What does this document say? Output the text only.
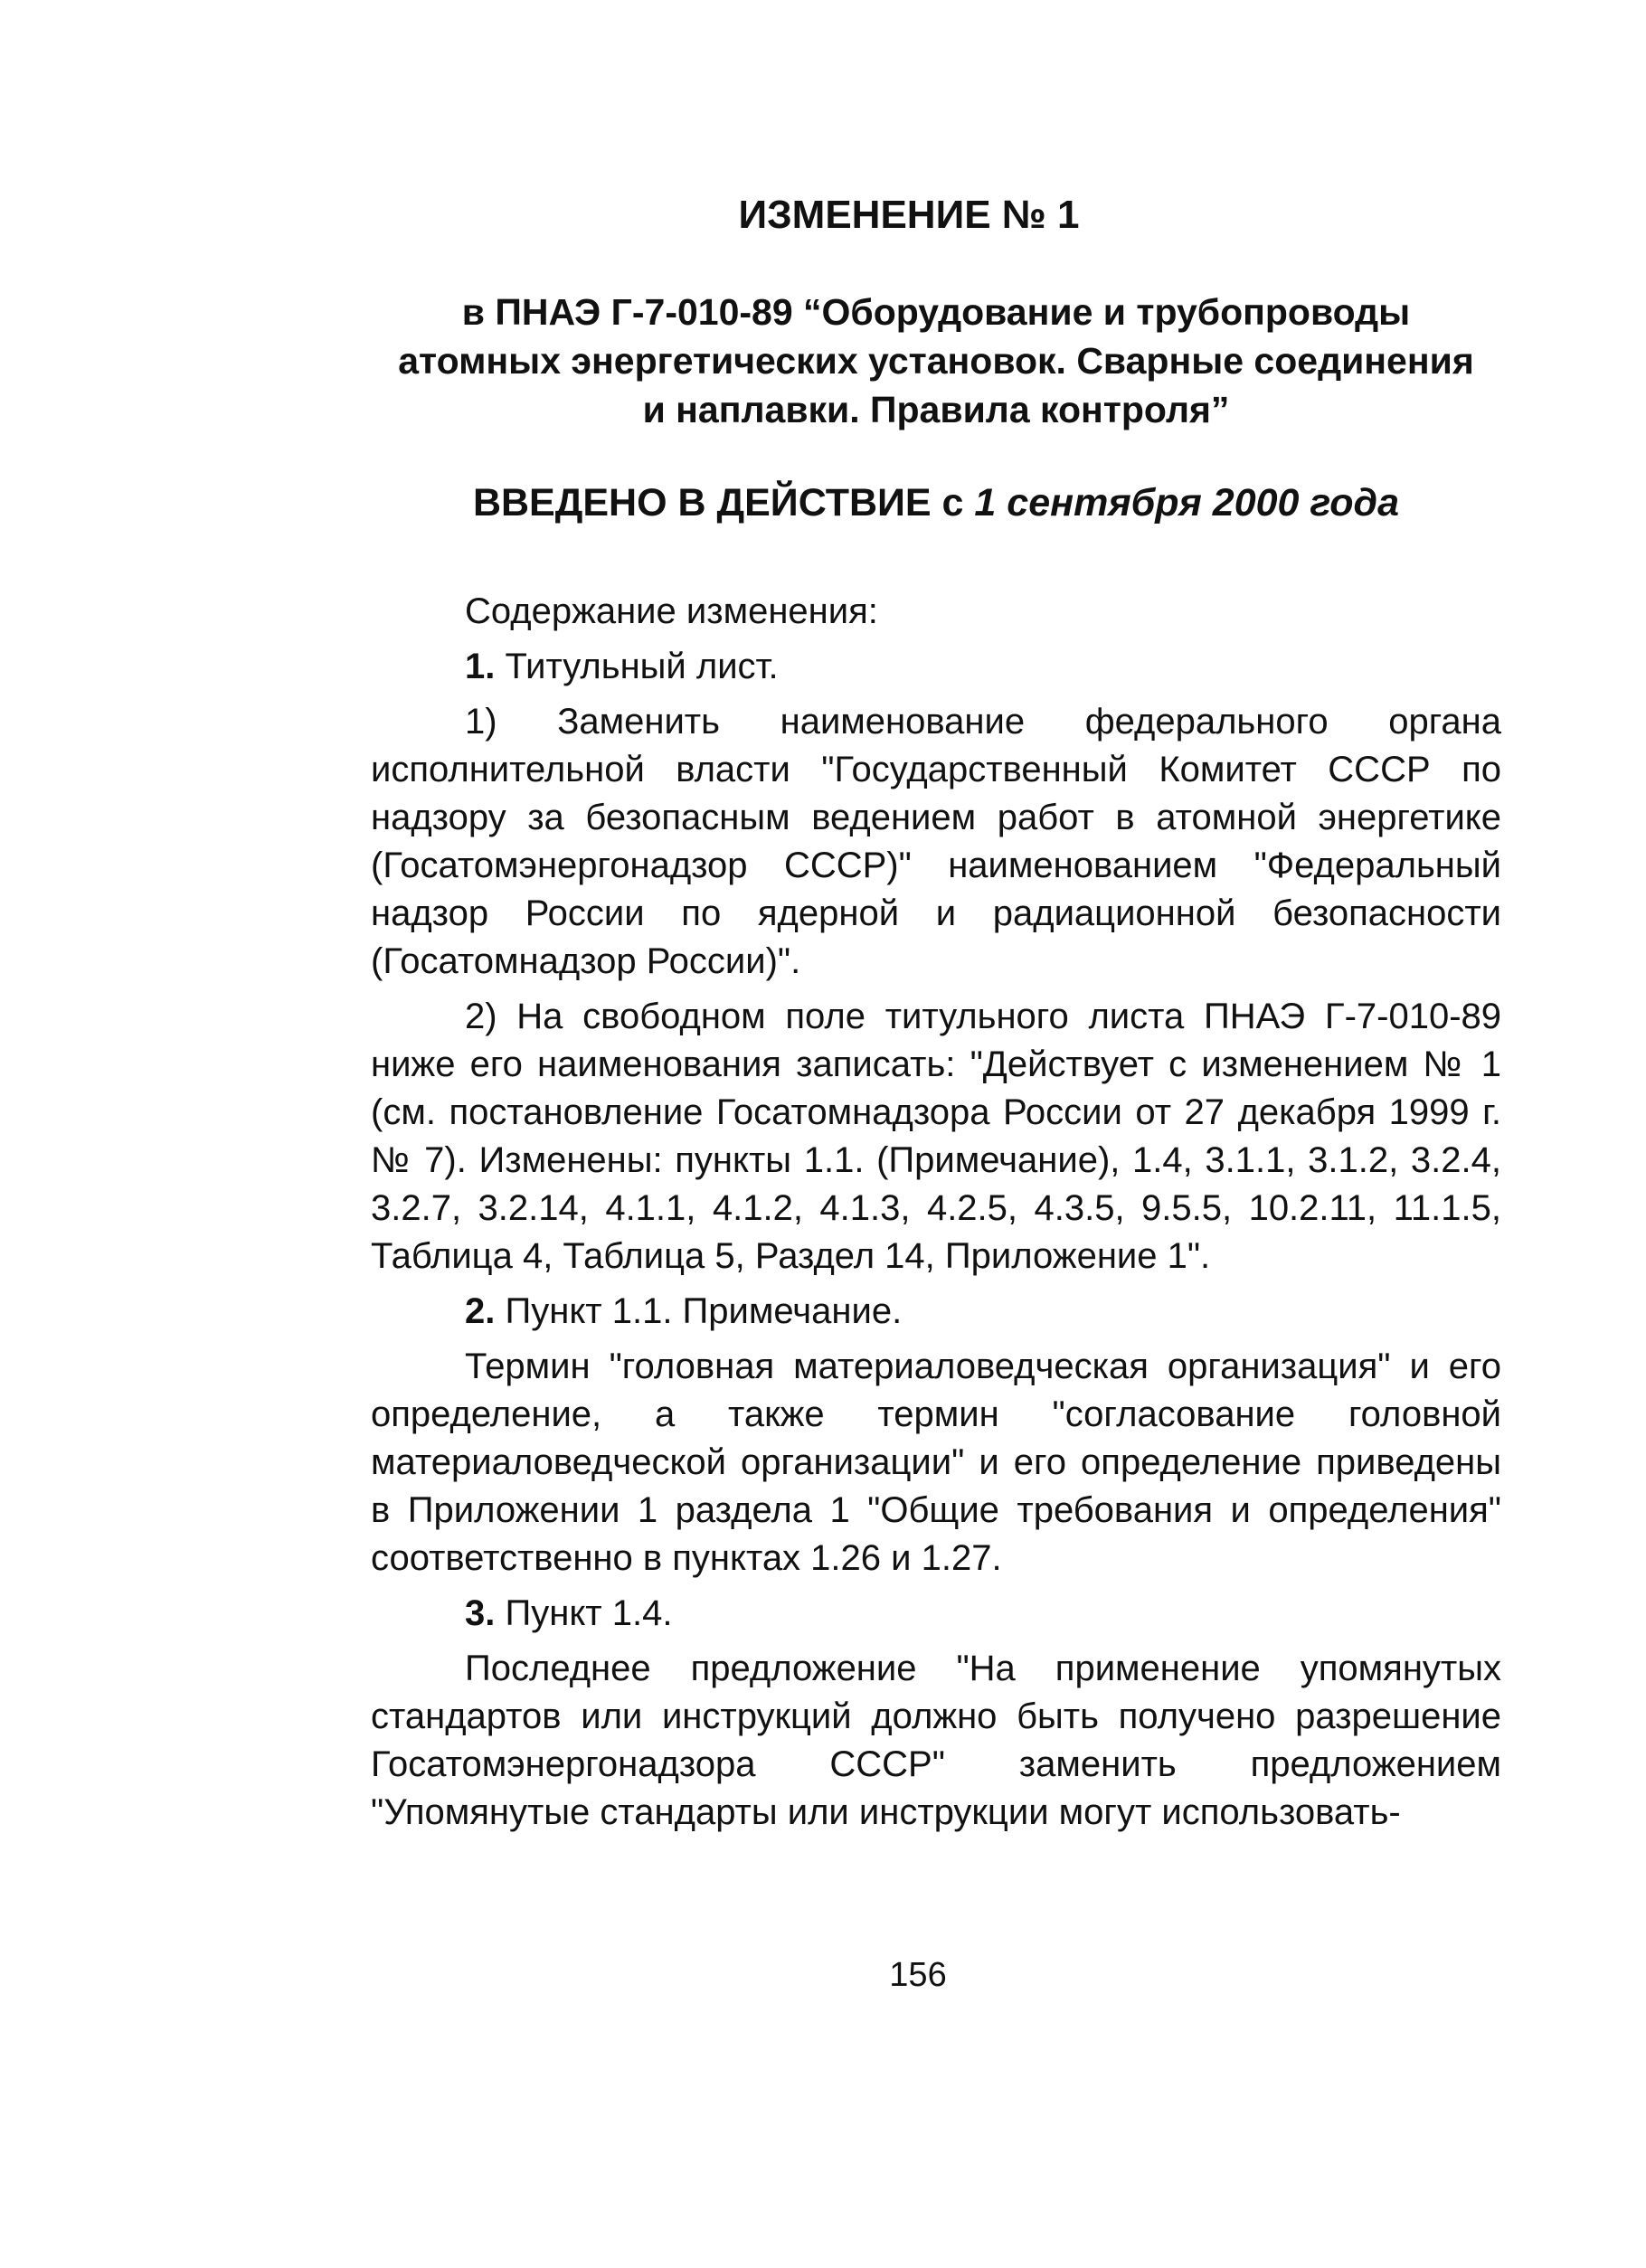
ИЗМЕНЕНИЕ № 1
в ПНАЭ Г-7-010-89 “Оборудование и трубопроводы
атомных энергетических установок. Сварные соединения
и наплавки. Правила контроля”
ВВЕДЕНО В ДЕЙСТВИЕ с 1 сентября 2000 года

Содержание изменения:

1. Титульный лист.

1) Заменить наименование федерального органа исполнительной власти "Государственный Комитет СССР по надзору за безопасным ведением работ в атомной энергетике (Госатомэнергонадзор СССР)" наименованием "Федеральный надзор России по ядерной и радиационной безопасности (Госатомнадзор России)".

2) На свободном поле титульного листа ПНАЭ Г-7-010-89 ниже его наименования записать: "Действует с изменением № 1 (см. постановление Госатомнадзора России от 27 декабря 1999 г. № 7). Изменены: пункты 1.1. (Примечание), 1.4, 3.1.1, 3.1.2, 3.2.4, 3.2.7, 3.2.14, 4.1.1, 4.1.2, 4.1.3, 4.2.5, 4.3.5, 9.5.5, 10.2.11, 11.1.5, Таблица 4, Таблица 5, Раздел 14, Приложение 1".

2. Пункт 1.1. Примечание.

Термин "головная материаловедческая организация" и его определение, а также термин "согласование головной материаловедческой организации" и его определение приведены в Приложении 1 раздела 1 "Общие требования и определения" соответственно в пунктах 1.26 и 1.27.

3. Пункт 1.4.

Последнее предложение "На применение упомянутых стандартов или инструкций должно быть получено разрешение Госатомэнергонадзора СССР" заменить предложением "Упомянутые стандарты или инструкции могут использовать-

156
